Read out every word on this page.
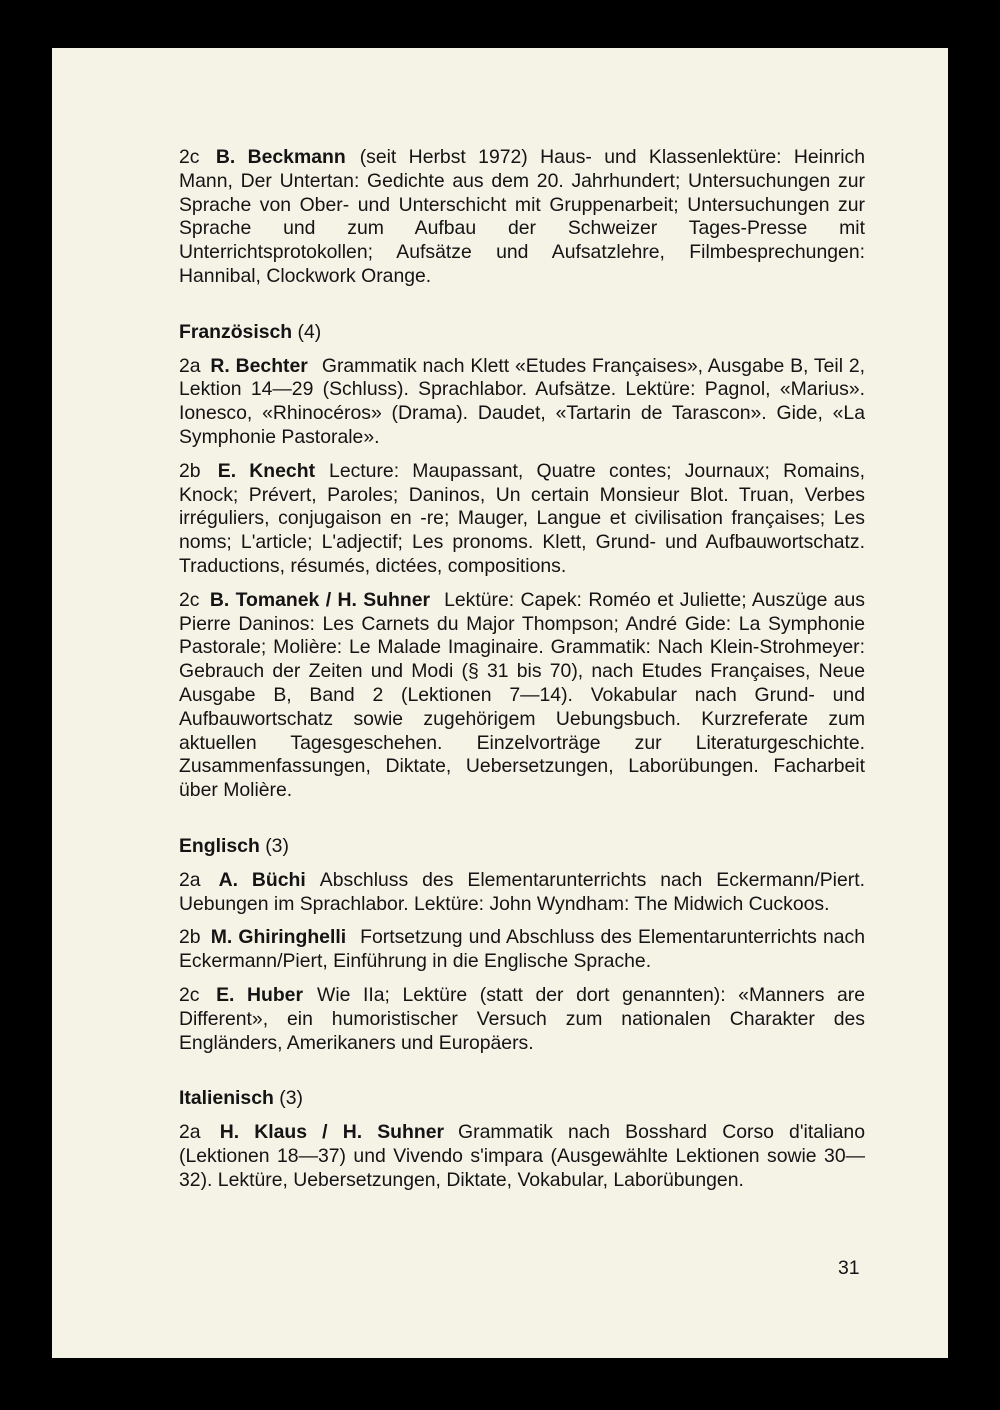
2c B. Beckmann (seit Herbst 1972) Haus- und Klassenlektüre: Heinrich Mann, Der Untertan: Gedichte aus dem 20. Jahrhundert; Untersuchungen zur Sprache von Ober- und Unterschicht mit Gruppenarbeit; Untersuchungen zur Sprache und zum Aufbau der Schweizer Tages-Presse mit Unterrichtsprotokollen; Aufsätze und Aufsatzlehre, Filmbesprechungen: Hannibal, Clockwork Orange.

Französisch (4)

2a R. Bechter Grammatik nach Klett «Etudes Françaises», Ausgabe B, Teil 2, Lektion 14—29 (Schluss). Sprachlabor. Aufsätze. Lektüre: Pagnol, «Marius». Ionesco, «Rhinocéros» (Drama). Daudet, «Tartarin de Tarascon». Gide, «La Symphonie Pastorale».

2b E. Knecht Lecture: Maupassant, Quatre contes; Journaux; Romains, Knock; Prévert, Paroles; Daninos, Un certain Monsieur Blot. Truan, Verbes irréguliers, conjugaison en -re; Mauger, Langue et civilisation françaises; Les noms; L'article; L'adjectif; Les pronoms. Klett, Grund- und Aufbauwortschatz. Traductions, résumés, dictées, compositions.

2c B. Tomanek / H. Suhner Lektüre: Capek: Roméo et Juliette; Auszüge aus Pierre Daninos: Les Carnets du Major Thompson; André Gide: La Symphonie Pastorale; Molière: Le Malade Imaginaire. Grammatik: Nach Klein-Strohmeyer: Gebrauch der Zeiten und Modi (§ 31 bis 70), nach Etudes Françaises, Neue Ausgabe B, Band 2 (Lektionen 7—14). Vokabular nach Grund- und Aufbauwortschatz sowie zugehörigem Uebungsbuch. Kurzreferate zum aktuellen Tagesgeschehen. Einzelvorträge zur Literaturgeschichte. Zusammenfassungen, Diktate, Uebersetzungen, Laborübungen. Facharbeit über Molière.

Englisch (3)

2a A. Büchi Abschluss des Elementarunterrichts nach Eckermann/Piert. Uebungen im Sprachlabor. Lektüre: John Wyndham: The Midwich Cuckoos.

2b M. Ghiringhelli Fortsetzung und Abschluss des Elementarunterrichts nach Eckermann/Piert, Einführung in die Englische Sprache.

2c E. Huber Wie IIa; Lektüre (statt der dort genannten): «Manners are Different», ein humoristischer Versuch zum nationalen Charakter des Engländers, Amerikaners und Europäers.

Italienisch (3)

2a H. Klaus / H. Suhner Grammatik nach Bosshard Corso d'italiano (Lektionen 18—37) und Vivendo s'impara (Ausgewählte Lektionen sowie 30—32). Lektüre, Uebersetzungen, Diktate, Vokabular, Laborübungen.

31
